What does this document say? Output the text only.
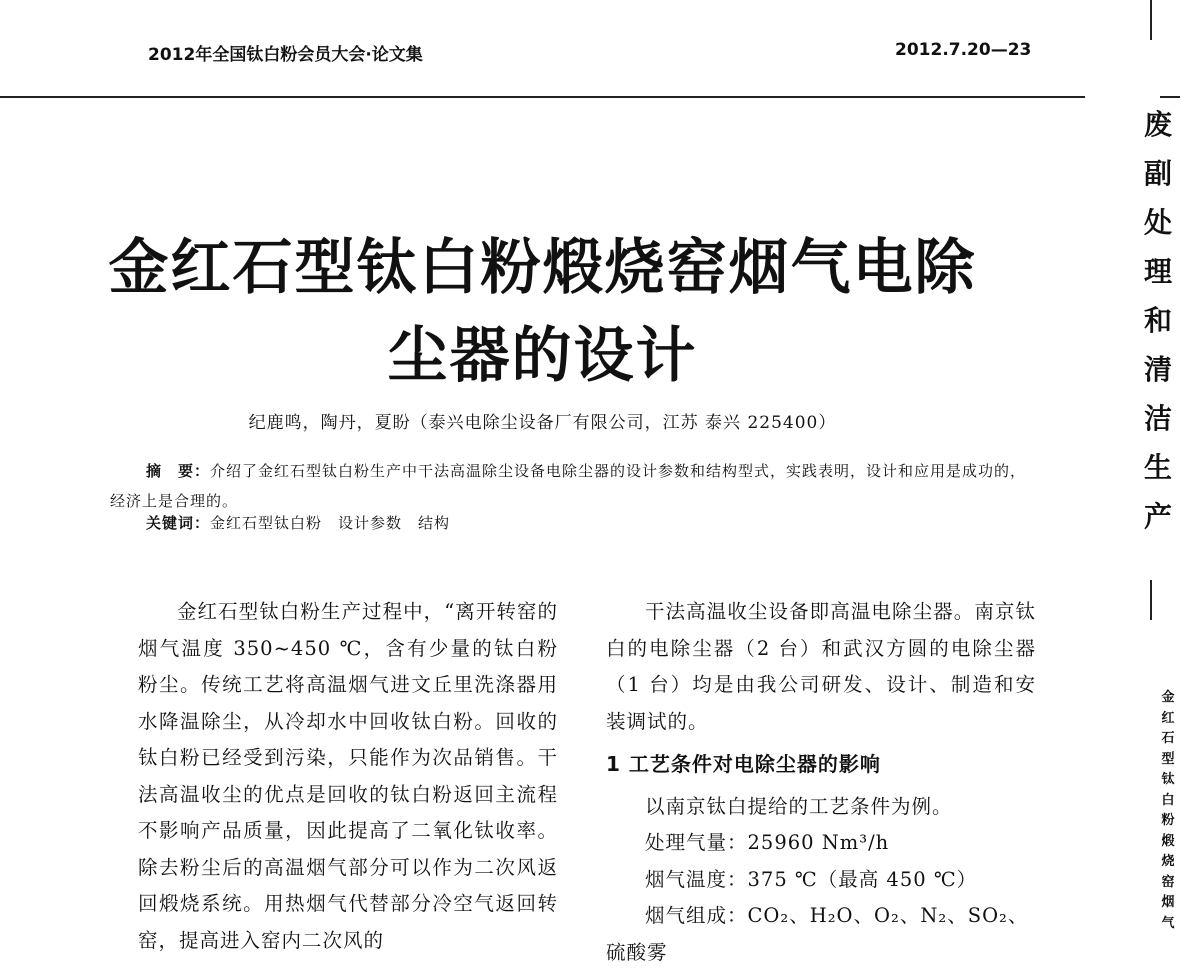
2012年全国钛白粉会员大会·论文集	2012.7.20—23
金红石型钛白粉煅烧窑烟气电除
尘器的设计
纪鹿鸣，陶丹，夏盼（泰兴电除尘设备厂有限公司，江苏 泰兴 225400）
摘　要：介绍了金红石型钛白粉生产中干法高温除尘设备电除尘器的设计参数和结构型式，实践表明，设计和应用是成功的，经济上是合理的。
关键词：金红石型钛白粉　设计参数　结构

金红石型钛白粉生产过程中，“离开转窑的烟气温度 350~450 ℃，含有少量的钛白粉粉尘。传统工艺将高温烟气进文丘里洗涤器用水降温除尘，从冷却水中回收钛白粉。回收的钛白粉已经受到污染，只能作为次品销售。干法高温收尘的优点是回收的钛白粉返回主流程不影响产品质量，因此提高了二氧化钛收率。除去粉尘后的高温烟气部分可以作为二次风返回煅烧系统。用热烟气代替部分冷空气返回转窑，提高进入窑内二次风的

干法高温收尘设备即高温电除尘器。南京钛白的电除尘器（2 台）和武汉方圆的电除尘器（1 台）均是由我公司研发、设计、制造和安装调试的。

1 工艺条件对电除尘器的影响

以南京钛白提给的工艺条件为例。

处理气量：25960 Nm³/h

烟气温度：375 ℃（最高 450 ℃）

烟气组成：CO₂、H₂O、O₂、N₂、SO₂、

硫酸雾

废
副
处
理
和
清
洁
生
产
金
红
石
型
钛
白
粉
煅
烧
窑
烟
气
